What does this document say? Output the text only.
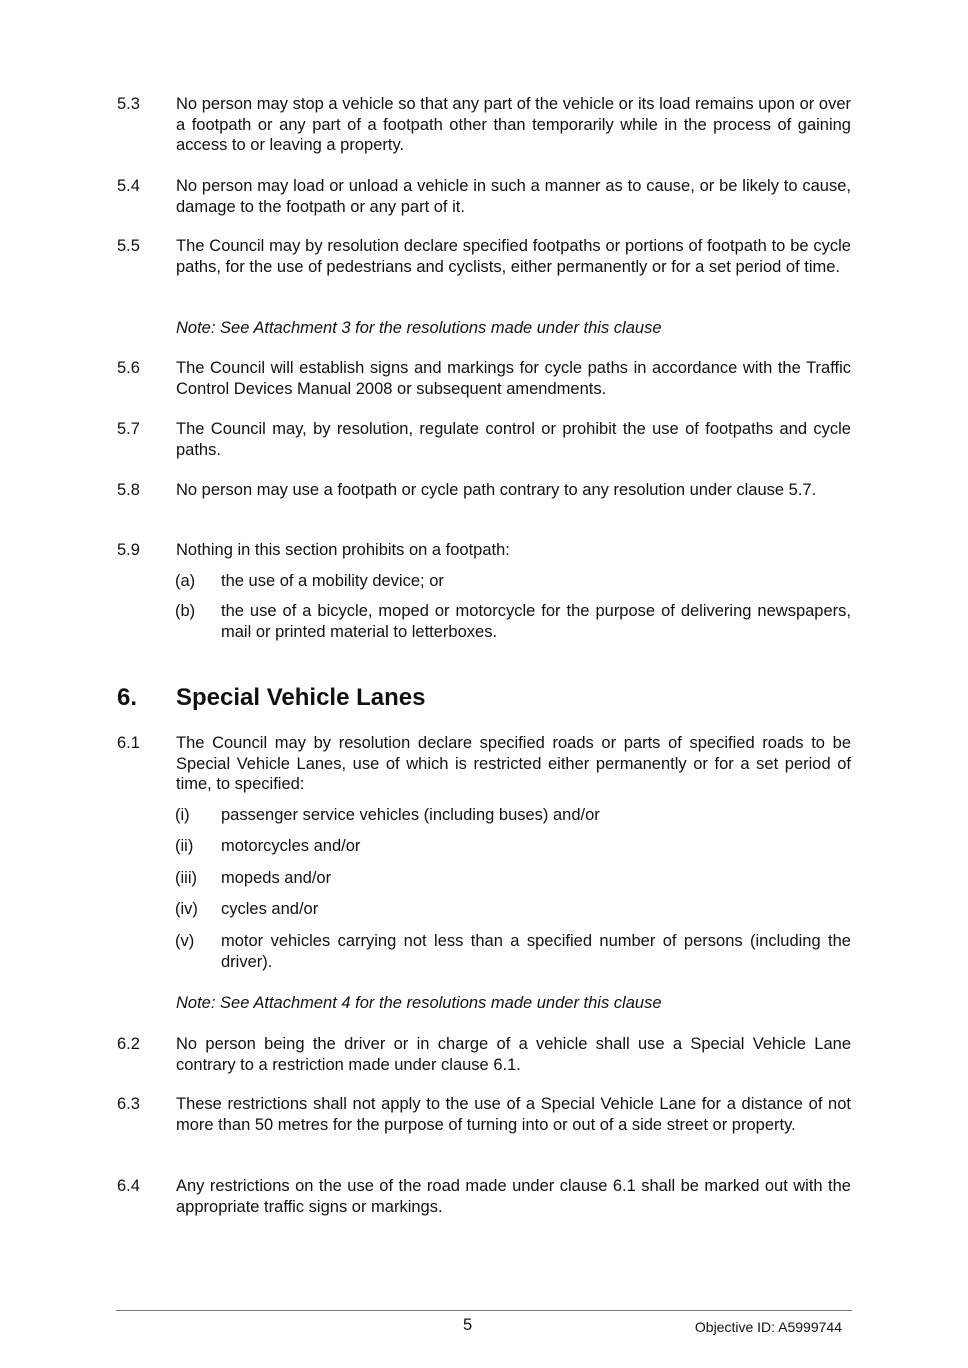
5.3 No person may stop a vehicle so that any part of the vehicle or its load remains upon or over a footpath or any part of a footpath other than temporarily while in the process of gaining access to or leaving a property.
5.4 No person may load or unload a vehicle in such a manner as to cause, or be likely to cause, damage to the footpath or any part of it.
5.5 The Council may by resolution declare specified footpaths or portions of footpath to be cycle paths, for the use of pedestrians and cyclists, either permanently or for a set period of time.
Note: See Attachment 3 for the resolutions made under this clause
5.6 The Council will establish signs and markings for cycle paths in accordance with the Traffic Control Devices Manual 2008 or subsequent amendments.
5.7 The Council may, by resolution, regulate control or prohibit the use of footpaths and cycle paths.
5.8 No person may use a footpath or cycle path contrary to any resolution under clause 5.7.
5.9 Nothing in this section prohibits on a footpath:
(a) the use of a mobility device; or
(b) the use of a bicycle, moped or motorcycle for the purpose of delivering newspapers, mail or printed material to letterboxes.
6. Special Vehicle Lanes
6.1 The Council may by resolution declare specified roads or parts of specified roads to be Special Vehicle Lanes, use of which is restricted either permanently or for a set period of time, to specified:
(i) passenger service vehicles (including buses) and/or
(ii) motorcycles and/or
(iii) mopeds and/or
(iv) cycles and/or
(v) motor vehicles carrying not less than a specified number of persons (including the driver).
Note: See Attachment 4 for the resolutions made under this clause
6.2 No person being the driver or in charge of a vehicle shall use a Special Vehicle Lane contrary to a restriction made under clause 6.1.
6.3 These restrictions shall not apply to the use of a Special Vehicle Lane for a distance of not more than 50 metres for the purpose of turning into or out of a side street or property.
6.4 Any restrictions on the use of the road made under clause 6.1 shall be marked out with the appropriate traffic signs or markings.
5	Objective ID: A5999744
